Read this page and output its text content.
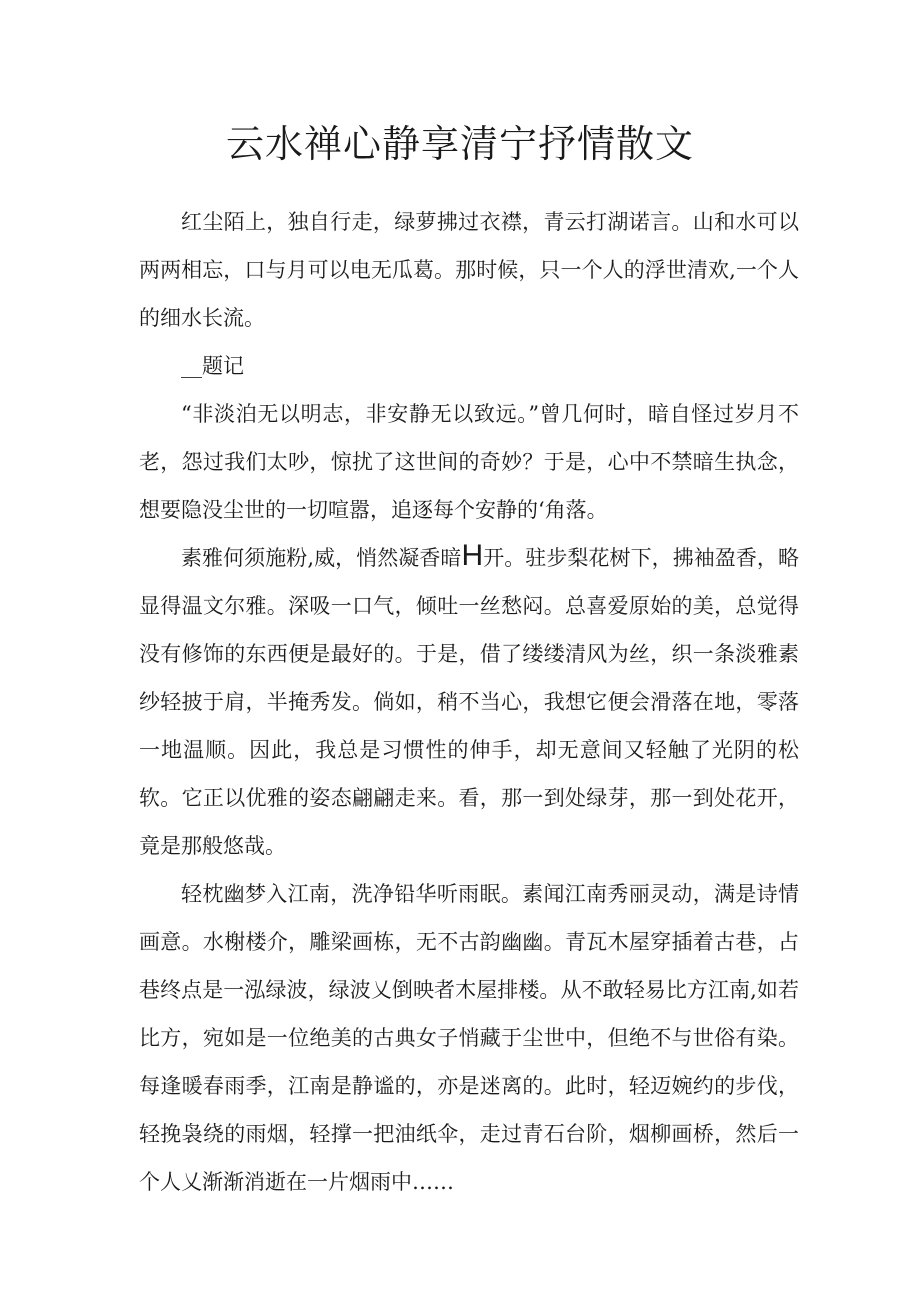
云水禅心静享清宁抒情散文

红尘陌上，独自行走，绿萝拂过衣襟，青云打湖诺言。山和水可以两两相忘，口与月可以电无瓜葛。那时候，只一个人的浮世清欢,一个人的细水长流。

__题记

“非淡泊无以明志，非安静无以致远。”曾几何时，暗自怪过岁月不老，怨过我们太吵，惊扰了这世间的奇妙？于是，心中不禁暗生执念，想要隐没尘世的一切喧嚣，追逐每个安静的‘角落。

素雅何须施粉,威，悄然凝香暗H开。驻步梨花树下，拂袖盈香，略显得温文尔雅。深吸一口气，倾吐一丝愁闷。总喜爱原始的美，总觉得没有修饰的东西便是最好的。于是，借了缕缕清风为丝，织一条淡雅素纱轻披于肩，半掩秀发。倘如，稍不当心，我想它便会滑落在地，零落一地温顺。因此，我总是习惯性的伸手，却无意间又轻触了光阴的松软。它正以优雅的姿态翩翩走来。看，那一到处绿芽，那一到处花开，竟是那般悠哉。

轻枕幽梦入江南，洗净铅华听雨眠。素闻江南秀丽灵动，满是诗情画意。水榭楼介，雕梁画栋，无不古韵幽幽。青瓦木屋穿插着古巷，占巷终点是一泓绿波，绿波乂倒映者木屋排楼。从不敢轻易比方江南,如若比方，宛如是一位绝美的古典女子悄藏于尘世中，但绝不与世俗有染。每逢暖春雨季，江南是静谧的，亦是迷离的。此时，轻迈婉约的步伐，轻挽袅绕的雨烟，轻撑一把油纸伞，走过青石台阶，烟柳画桥，然后一个人乂渐渐消逝在一片烟雨中……
